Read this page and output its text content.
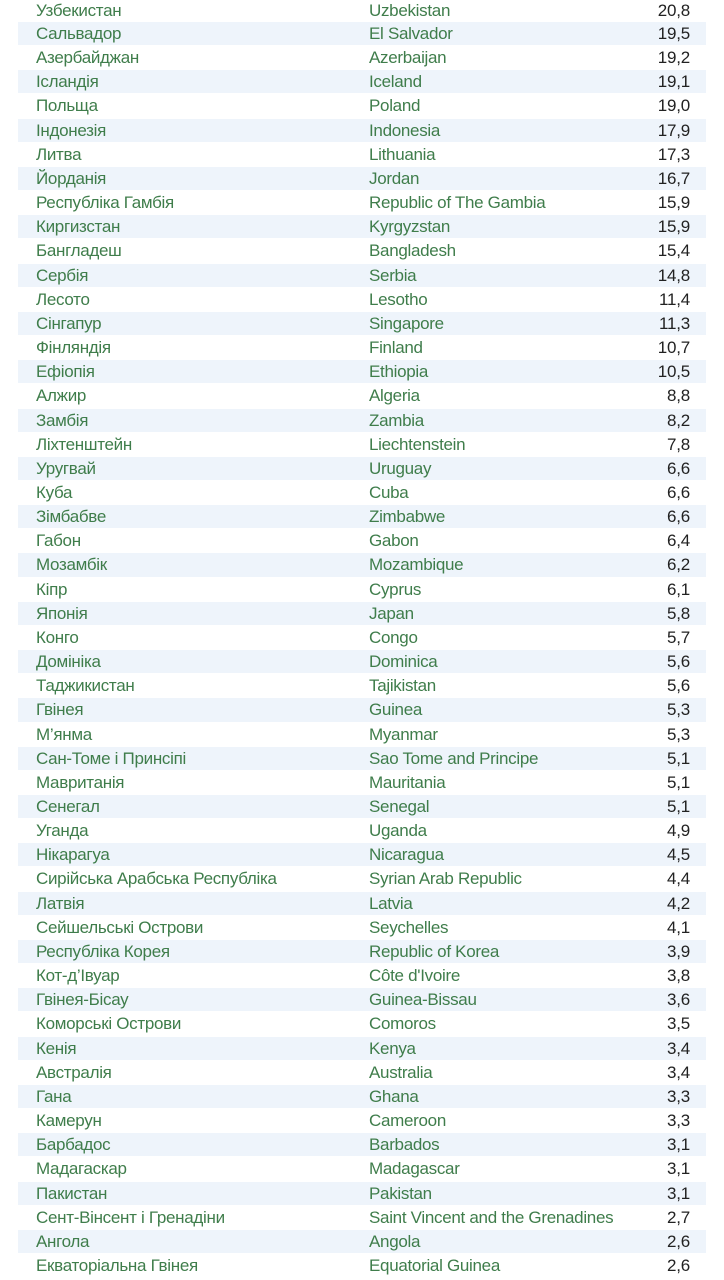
Узбекистан	Uzbekistan	20,8
Сальвадор	El Salvador	19,5
Азербайджан	Azerbaijan	19,2
Ісландія	Iceland	19,1
Польща	Poland	19,0
Індонезія	Indonesia	17,9
Литва	Lithuania	17,3
Йорданія	Jordan	16,7
Республіка Гамбія	Republic of The Gambia	15,9
Киргизстан	Kyrgyzstan	15,9
Бангладеш	Bangladesh	15,4
Сербія	Serbia	14,8
Лесото	Lesotho	11,4
Сінгапур	Singapore	11,3
Фінляндія	Finland	10,7
Ефіопія	Ethiopia	10,5
Алжир	Algeria	8,8
Замбія	Zambia	8,2
Ліхтенштейн	Liechtenstein	7,8
Уругвай	Uruguay	6,6
Куба	Cuba	6,6
Зімбабве	Zimbabwe	6,6
Габон	Gabon	6,4
Мозамбік	Mozambique	6,2
Кіпр	Cyprus	6,1
Японія	Japan	5,8
Конго	Congo	5,7
Домініка	Dominica	5,6
Таджикистан	Tajikistan	5,6
Гвінея	Guinea	5,3
М’янма	Myanmar	5,3
Сан-Томе і Принсіпі	Sao Tome and Principe	5,1
Мавританія	Mauritania	5,1
Сенегал	Senegal	5,1
Уганда	Uganda	4,9
Нікарагуа	Nicaragua	4,5
Сирійська Арабська Республіка	Syrian Arab Republic	4,4
Латвія	Latvia	4,2
Сейшельські Острови	Seychelles	4,1
Республіка Корея	Republic of Korea	3,9
Кот-д’Івуар	Côte d'Ivoire	3,8
Гвінея-Бісау	Guinea-Bissau	3,6
Коморські Острови	Comoros	3,5
Кенія	Kenya	3,4
Австралія	Australia	3,4
Гана	Ghana	3,3
Камерун	Cameroon	3,3
Барбадос	Barbados	3,1
Мадагаскар	Madagascar	3,1
Пакистан	Pakistan	3,1
Сент-Вінсент і Гренадіни	Saint Vincent and the Grenadines	2,7
Ангола	Angola	2,6
Екваторіальна Гвінея	Equatorial Guinea	2,6
